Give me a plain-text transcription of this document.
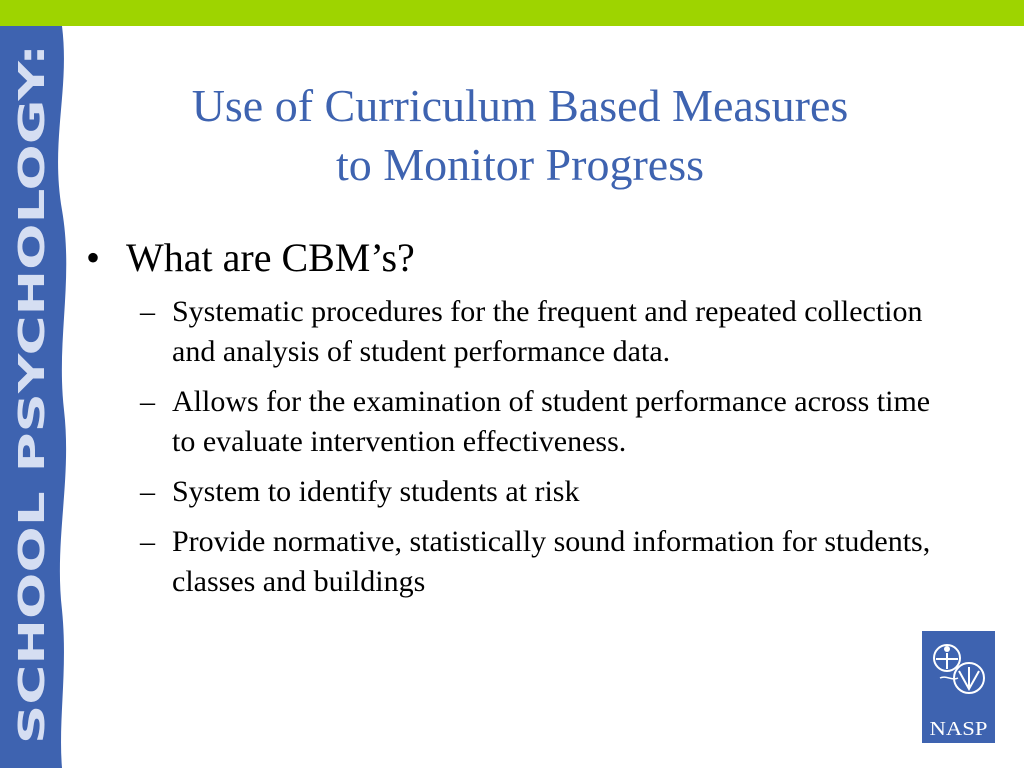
SCHOOL PSYCHOLOGY:
Use of Curriculum Based Measures
to Monitor Progress
• What are CBM’s?
– Systematic procedures for the frequent and repeated collection and analysis of student performance data.
– Allows for the examination of student performance across time to evaluate intervention effectiveness.
– System to identify students at risk
– Provide normative, statistically sound information for students, classes and buildings
NASP
